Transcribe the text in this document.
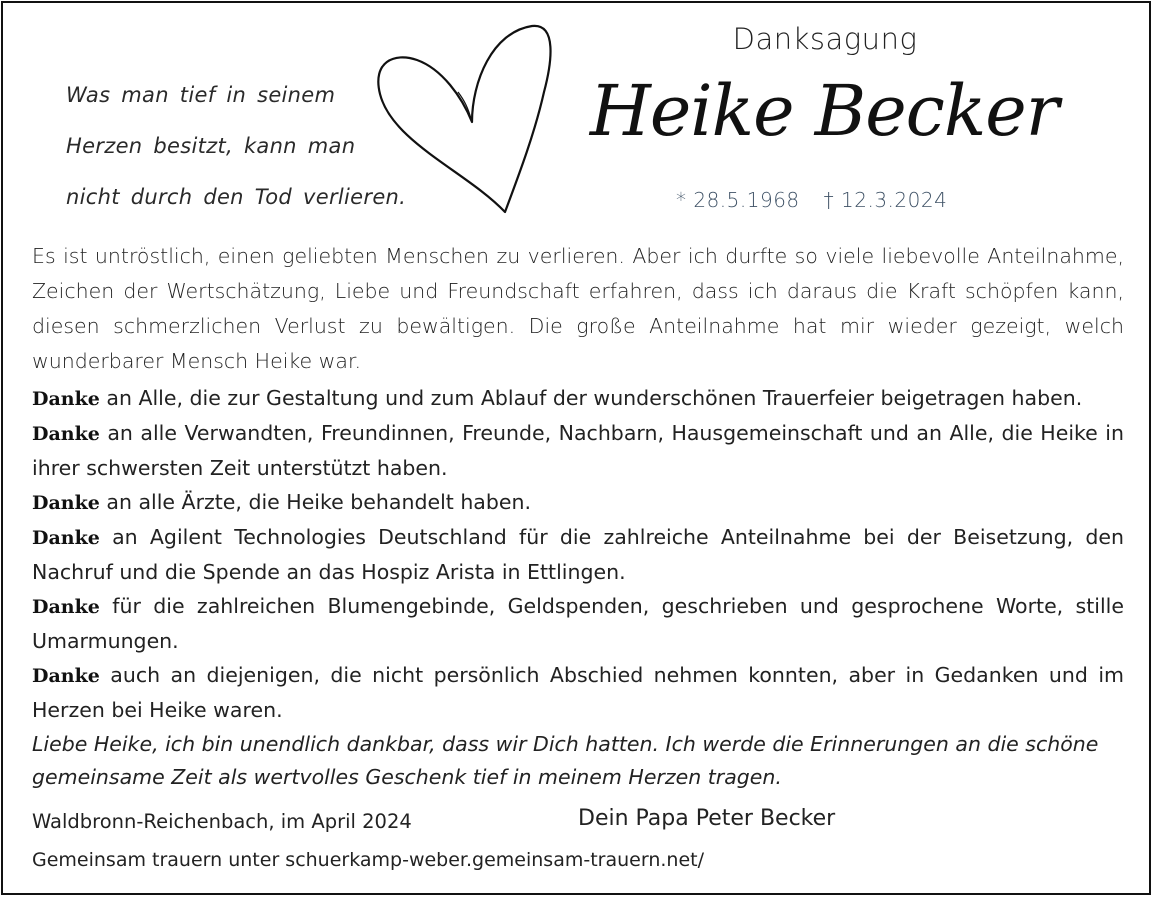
Was man tief in seinem
Herzen besitzt, kann man
nicht durch den Tod verlieren.
Danksagung
Heike Becker
* 28.5.1968 † 12.3.2024
Es ist untröstlich, einen geliebten Menschen zu verlieren. Aber ich durfte so viele liebevolle Anteilnahme, Zeichen der Wertschätzung, Liebe und Freundschaft erfahren, dass ich daraus die Kraft schöpfen kann, diesen schmerzlichen Verlust zu bewältigen. Die große Anteilnahme hat mir wieder gezeigt, welch wunderbarer Mensch Heike war.

Danke an Alle, die zur Gestaltung und zum Ablauf der wunderschönen Trauerfeier beigetragen haben.

Danke an alle Verwandten, Freundinnen, Freunde, Nachbarn, Hausgemeinschaft und an Alle, die Heike in ihrer schwersten Zeit unterstützt haben.

Danke an alle Ärzte, die Heike behandelt haben.

Danke an Agilent Technologies Deutschland für die zahlreiche Anteilnahme bei der Beisetzung, den Nachruf und die Spende an das Hospiz Arista in Ettlingen.

Danke für die zahlreichen Blumengebinde, Geldspenden, geschrieben und gesprochene Worte, stille Umarmungen.

Danke auch an diejenigen, die nicht persönlich Abschied nehmen konnten, aber in Gedanken und im Herzen bei Heike waren.

Liebe Heike, ich bin unendlich dankbar, dass wir Dich hatten. Ich werde die Erinnerungen an die schöne gemeinsame Zeit als wertvolles Geschenk tief in meinem Herzen tragen.
Waldbronn-Reichenbach, im April 2024	Dein Papa Peter Becker
Gemeinsam trauern unter schuerkamp-weber.gemeinsam-trauern.net/
